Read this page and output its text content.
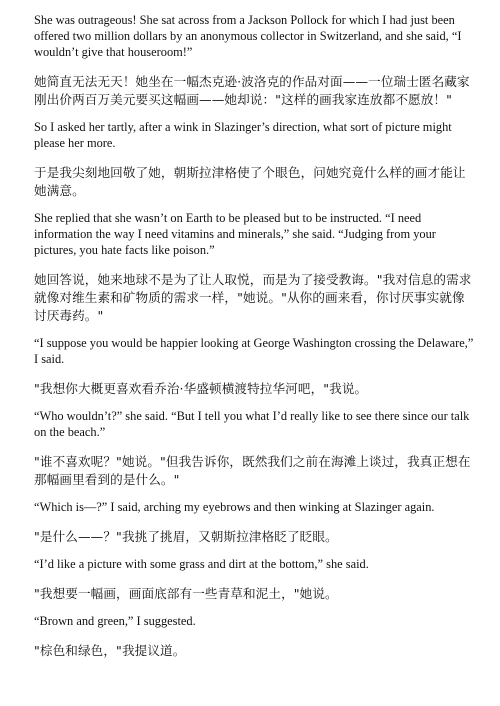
She was outrageous! She sat across from a Jackson Pollock for which I had just been offered two million dollars by an anonymous collector in Switzerland, and she said, “I wouldn’t give that houseroom!”

她简直无法无天！她坐在一幅杰克逊·波洛克的作品对面——一位瑞士匿名藏家刚出价两百万美元要买这幅画——她却说："这样的画我家连放都不愿放！"

So I asked her tartly, after a wink in Slazinger’s direction, what sort of picture might please her more.

于是我尖刻地回敬了她，朝斯拉津格使了个眼色，问她究竟什么样的画才能让她满意。

She replied that she wasn’t on Earth to be pleased but to be instructed. “I need information the way I need vitamins and minerals,” she said. “Judging from your pictures, you hate facts like poison.”

她回答说，她来地球不是为了让人取悦，而是为了接受教诲。"我对信息的需求就像对维生素和矿物质的需求一样，"她说。"从你的画来看，你讨厌事实就像讨厌毒药。"

“I suppose you would be happier looking at George Washington crossing the Delaware,” I said.

"我想你大概更喜欢看乔治·华盛顿横渡特拉华河吧，"我说。

“Who wouldn’t?” she said. “But I tell you what I’d really like to see there since our talk on the beach.”

"谁不喜欢呢？"她说。"但我告诉你，既然我们之前在海滩上谈过，我真正想在那幅画里看到的是什么。"

“Which is—?” I said, arching my eyebrows and then winking at Slazinger again.

"是什么——？"我挑了挑眉，又朝斯拉津格眨了眨眼。

“I’d like a picture with some grass and dirt at the bottom,” she said.

"我想要一幅画，画面底部有一些青草和泥土，"她说。

“Brown and green,” I suggested.

"棕色和绿色，"我提议道。
